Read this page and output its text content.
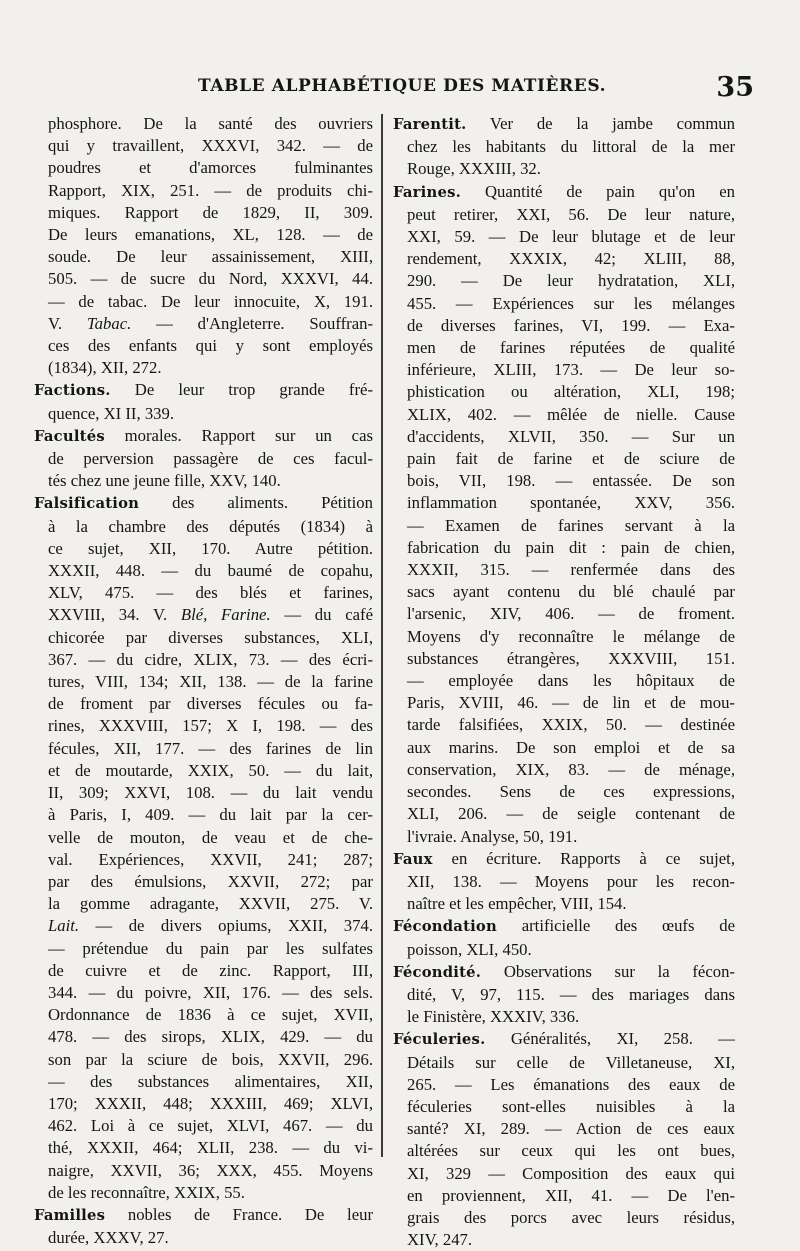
TABLE ALPHABÉTIQUE DES MATIÈRES.	35
phosphore. De la santé des ouvriers
qui y travaillent, XXXVI, 342. — de
poudres et d'amorces fulminantes
Rapport, XIX, 251. — de produits chi-
miques. Rapport de 1829, II, 309.
De leurs emanations, XL, 128. — de
soude. De leur assainissement, XIII,
505. — de sucre du Nord, XXXVI, 44.
— de tabac. De leur innocuite, X, 191.
V. Tabac. — d'Angleterre. Souffran-
ces des enfants qui y sont employés
(1834), XII, 272.
Factions. De leur trop grande fré-
quence, XI II, 339.
Facultés morales. Rapport sur un cas
de perversion passagère de ces facul-
tés chez une jeune fille, XXV, 140.
Falsification des aliments. Pétition
à la chambre des députés (1834) à
ce sujet, XII, 170. Autre pétition.
XXXII, 448. — du baumé de copahu,
XLV, 475. — des blés et farines,
XXVIII, 34. V. Blé, Farine. — du café
chicorée par diverses substances, XLI,
367. — du cidre, XLIX, 73. — des écri-
tures, VIII, 134; XII, 138. — de la farine
de froment par diverses fécules ou fa-
rines, XXXVIII, 157; X I, 198. — des
fécules, XII, 177. — des farines de lin
et de moutarde, XXIX, 50. — du lait,
II, 309; XXVI, 108. — du lait vendu
à Paris, I, 409. — du lait par la cer-
velle de mouton, de veau et de che-
val. Expériences, XXVII, 241; 287;
par des émulsions, XXVII, 272; par
la gomme adragante, XXVII, 275. V.
Lait. — de divers opiums, XXII, 374.
— prétendue du pain par les sulfates
de cuivre et de zinc. Rapport, III,
344. — du poivre, XII, 176. — des sels.
Ordonnance de 1836 à ce sujet, XVII,
478. — des sirops, XLIX, 429. — du
son par la sciure de bois, XXVII, 296.
— des substances alimentaires, XII,
170; XXXII, 448; XXXIII, 469; XLVI,
462. Loi à ce sujet, XLVI, 467. — du
thé, XXXII, 464; XLII, 238. — du vi-
naigre, XXVII, 36; XXX, 455. Moyens
de les reconnaître, XXIX, 55.
Familles nobles de France. De leur
durée, XXXV, 27.
Farentit. Ver de la jambe commun
chez les habitants du littoral de la mer
Rouge, XXXIII, 32.
Farines. Quantité de pain qu'on en
peut retirer, XXI, 56. De leur nature,
XXI, 59. — De leur blutage et de leur
rendement, XXXIX, 42; XLIII, 88,
290. — De leur hydratation, XLI,
455. — Expériences sur les mélanges
de diverses farines, VI, 199. — Exa-
men de farines réputées de qualité
inférieure, XLIII, 173. — De leur so-
phistication ou altération, XLI, 198;
XLIX, 402. — mêlée de nielle. Cause
d'accidents, XLVII, 350. — Sur un
pain fait de farine et de sciure de
bois, VII, 198. — entassée. De son
inflammation spontanée, XXV, 356.
— Examen de farines servant à la
fabrication du pain dit : pain de chien,
XXXII, 315. — renfermée dans des
sacs ayant contenu du blé chaulé par
l'arsenic, XIV, 406. — de froment.
Moyens d'y reconnaître le mélange de
substances étrangères, XXXVIII, 151.
— employée dans les hôpitaux de
Paris, XVIII, 46. — de lin et de mou-
tarde falsifiées, XXIX, 50. — destinée
aux marins. De son emploi et de sa
conservation, XIX, 83. — de ménage,
secondes. Sens de ces expressions,
XLI, 206. — de seigle contenant de
l'ivraie. Analyse, 50, 191.
Faux en écriture. Rapports à ce sujet,
XII, 138. — Moyens pour les recon-
naître et les empêcher, VIII, 154.
Fécondation artificielle des œufs de
poisson, XLI, 450.
Fécondité. Observations sur la fécon-
dité, V, 97, 115. — des mariages dans
le Finistère, XXXIV, 336.
Féculeries. Généralités, XI, 258. —
Détails sur celle de Villetaneuse, XI,
265. — Les émanations des eaux de
féculeries sont-elles nuisibles à la
santé? XI, 289. — Action de ces eaux
altérées sur ceux qui les ont bues,
XI, 329 — Composition des eaux qui
en proviennent, XII, 41. — De l'en-
grais des porcs avec leurs résidus,
XIV, 247.
